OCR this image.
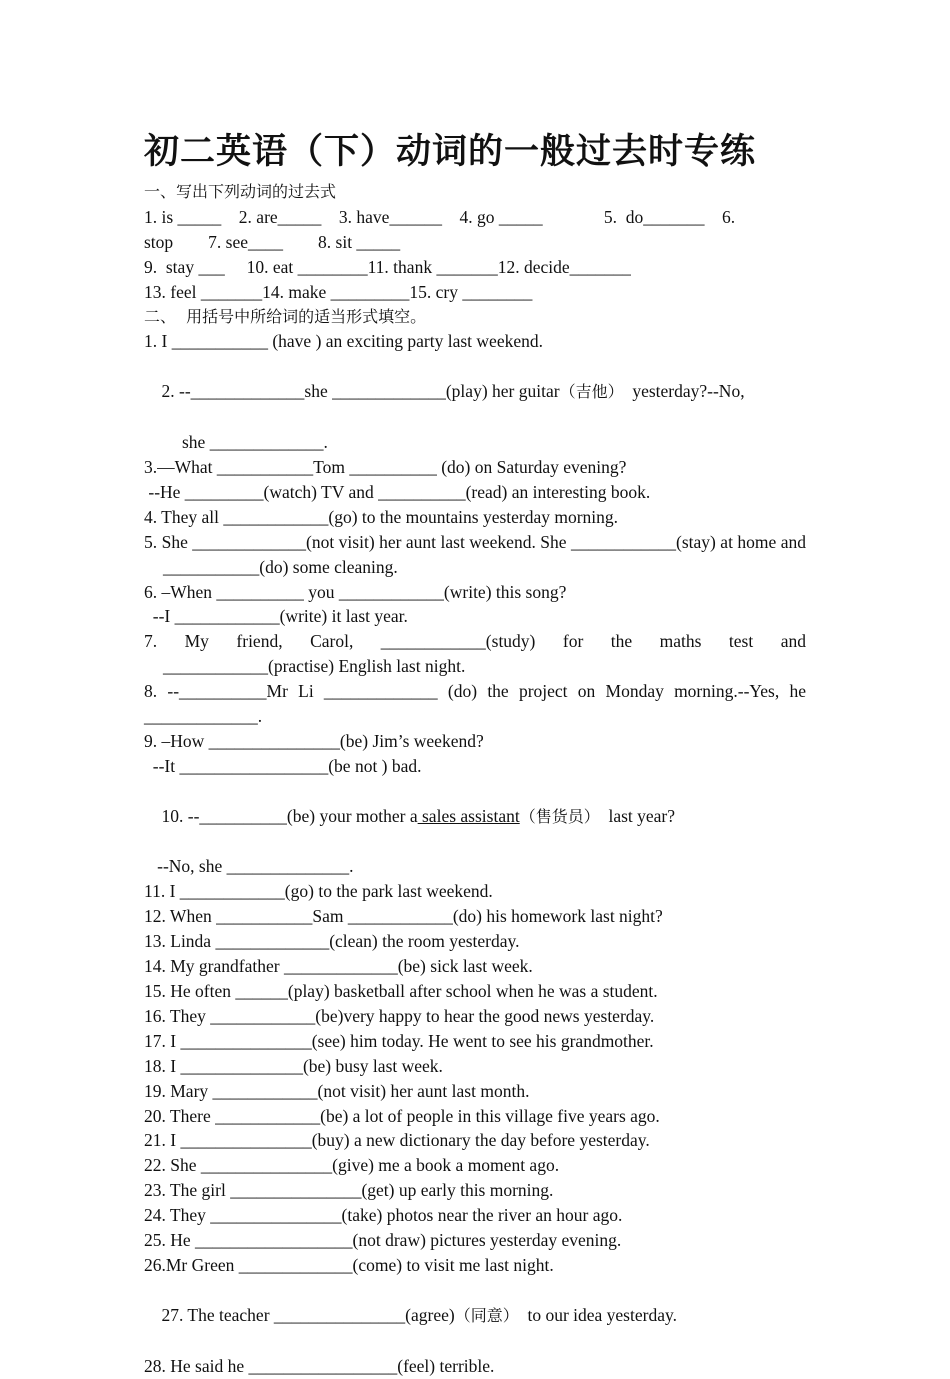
初二英语（下）动词的一般过去时专练
一、写出下列动词的过去式
1. is _____    2. are_____    3. have______    4. go _____              5.  do_______    6.
stop        7. see____        8. sit _____
9.  stay ___     10. eat ________11. thank _______12. decide_______
13. feel _______14. make _________15. cry ________
二、  用括号中所给词的适当形式填空。
1. I ___________ (have ) an exciting party last weekend.

2. --_____________she _____________(play) her guitar（吉他）  yesterday?--No,

she _____________.
3.—What ___________Tom __________ (do) on Saturday evening?
--He _________(watch) TV and __________(read) an interesting book.
4. They all ____________(go) to the mountains yesterday morning.
5. She _____________(not visit) her aunt last weekend. She ____________(stay) at home and ___________(do) some cleaning.
6. –When __________ you ____________(write) this song?
--I ____________(write) it last year.
7.  My  friend,  Carol,  ____________(study)  for  the  maths  test  and ____________(practise) English last night.
8. --__________Mr Li _____________ (do) the project on Monday morning.--Yes, he _____________.
9. –How _______________(be) Jim’s weekend?
--It _________________(be not ) bad.

10. --__________(be) your mother a sales assistant（售货员）  last year?

--No, she ______________.
11. I ____________(go) to the park last weekend.
12. When ___________Sam ____________(do) his homework last night?
13. Linda _____________(clean) the room yesterday.
14. My grandfather _____________(be) sick last week.
15. He often ______(play) basketball after school when he was a student.
16. They ____________(be)very happy to hear the good news yesterday.
17. I _______________(see) him today. He went to see his grandmother.
18. I ______________(be) busy last week.
19. Mary ____________(not visit) her aunt last month.
20. There ____________(be) a lot of people in this village five years ago.
21. I _______________(buy) a new dictionary the day before yesterday.
22. She _______________(give) me a book a moment ago.
23. The girl _______________(get) up early this morning.
24. They _______________(take) photos near the river an hour ago.
25. He __________________(not draw) pictures yesterday evening.
26.Mr Green _____________(come) to visit me last night.

27. The teacher _______________(agree)（同意）  to our idea yesterday.

28. He said he _________________(feel) terrible.
